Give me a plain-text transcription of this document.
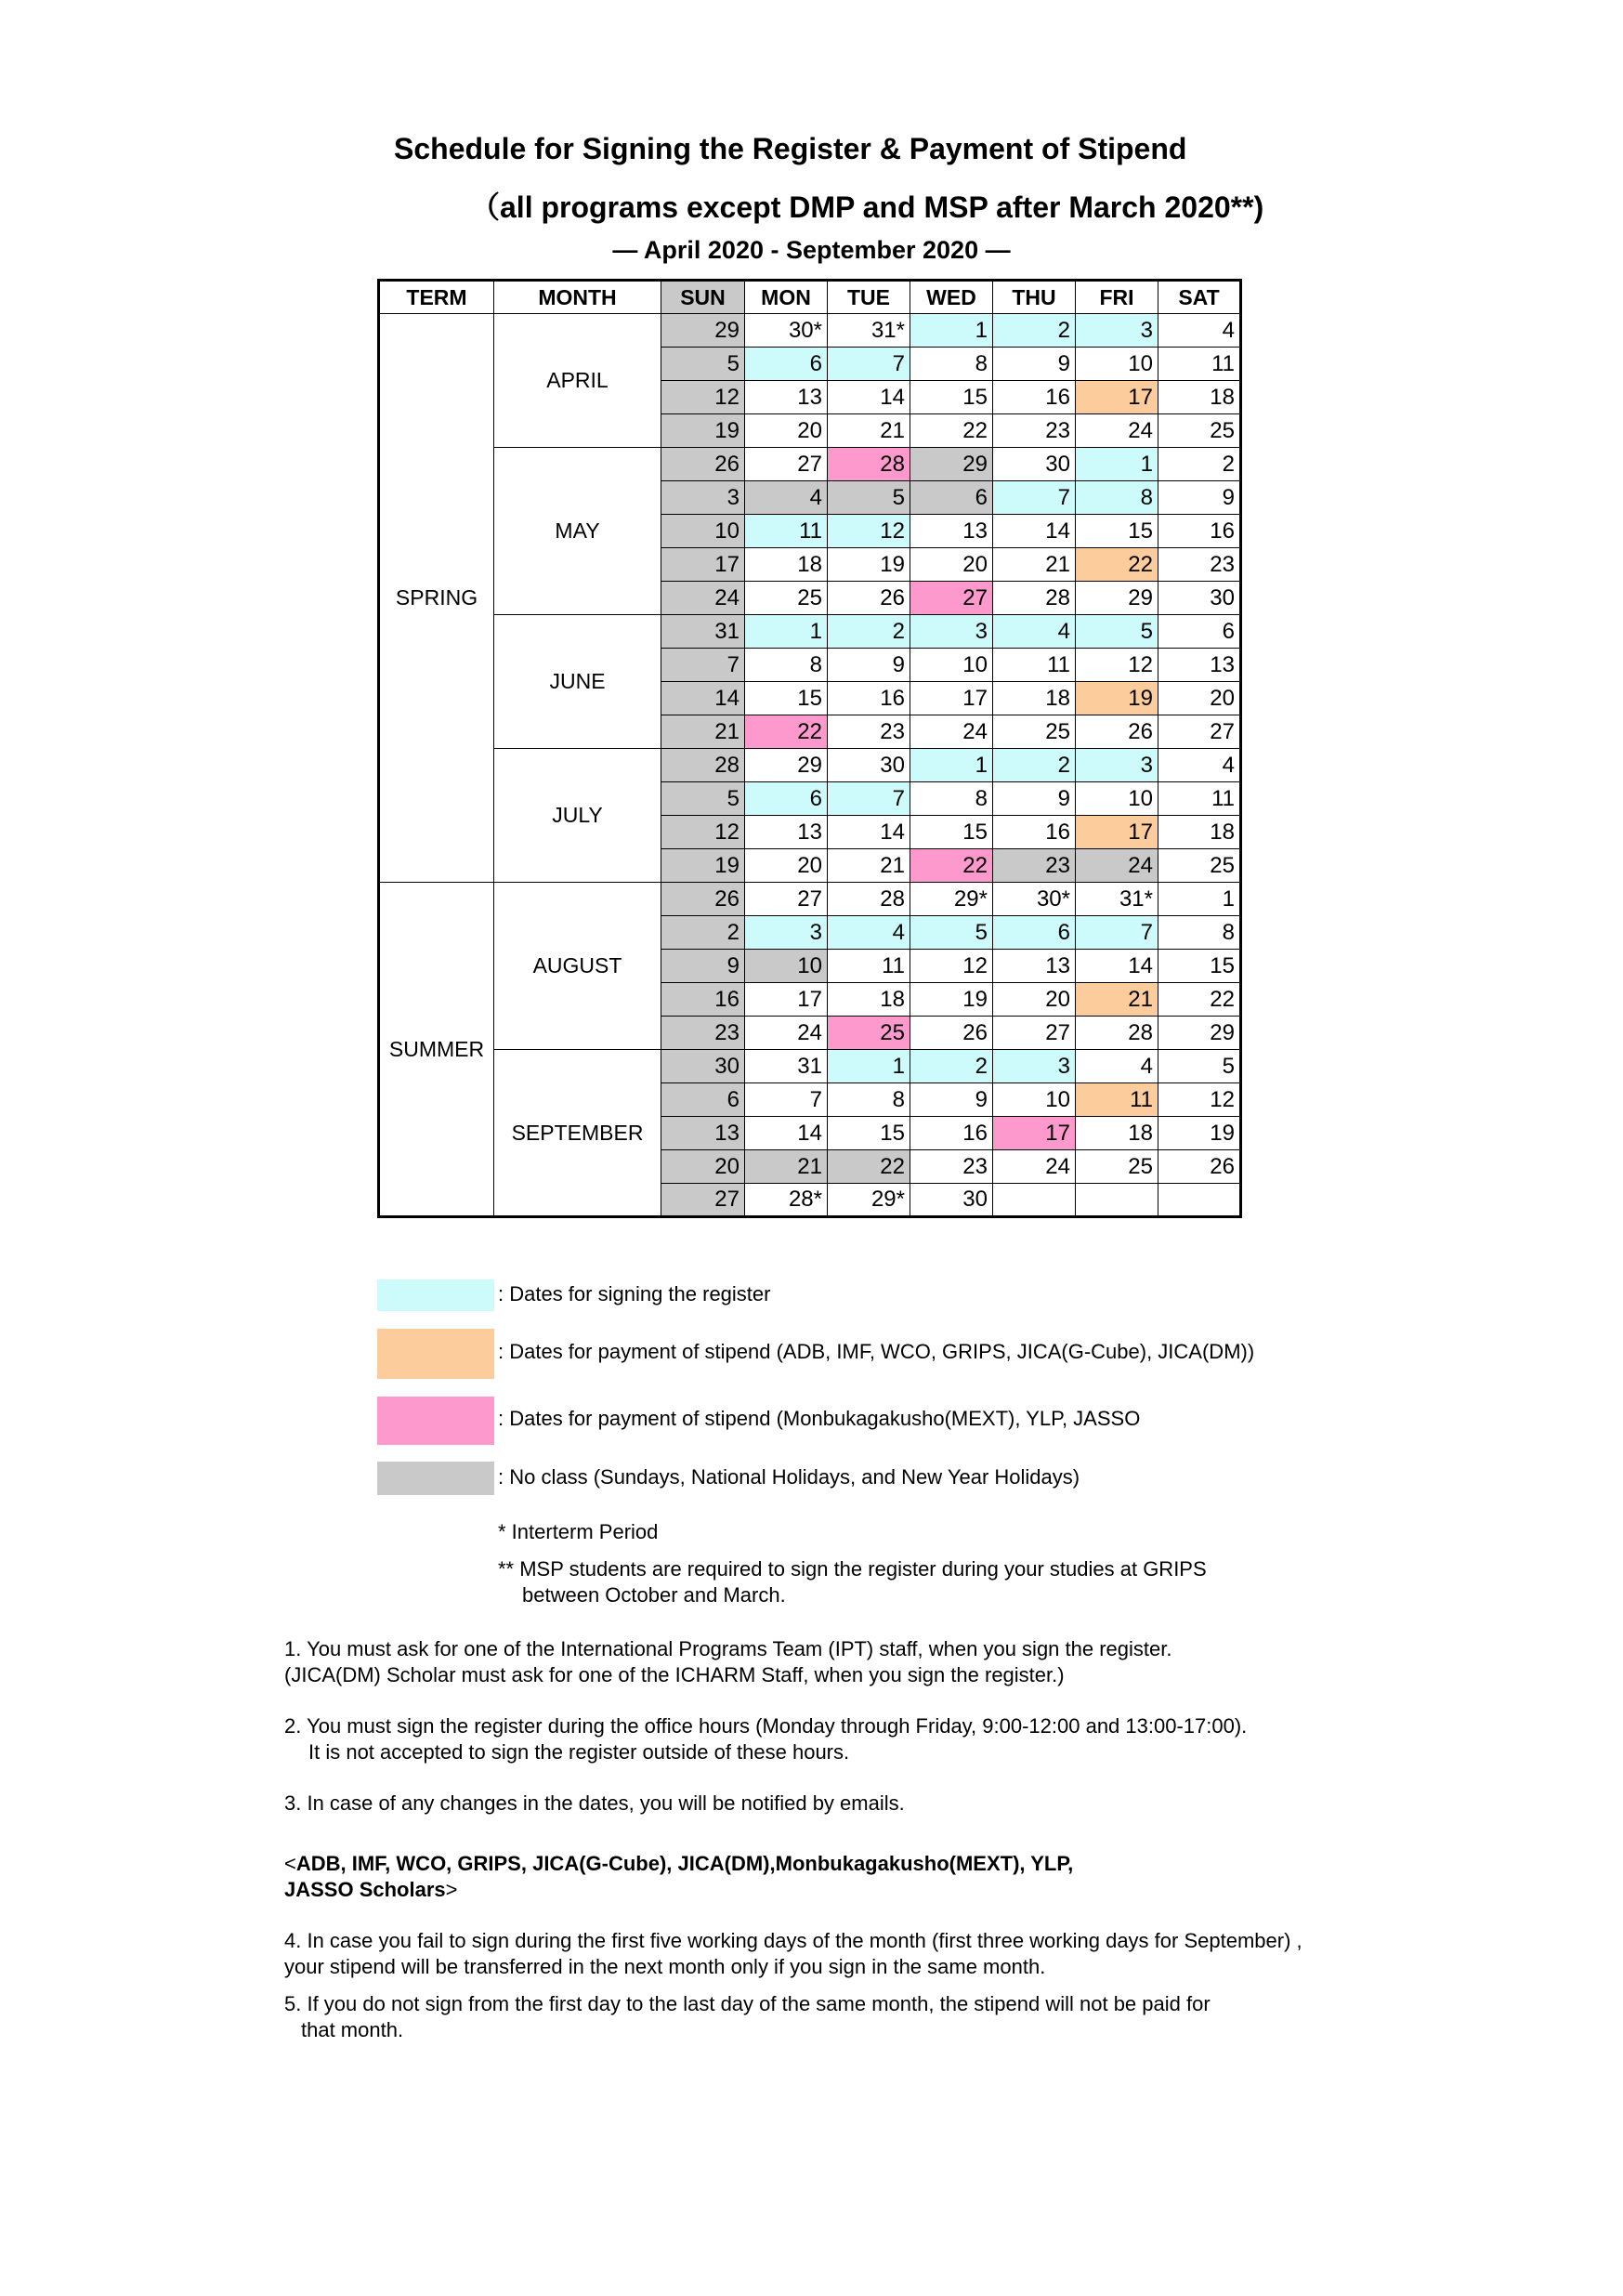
Schedule for Signing the Register & Payment of Stipend
（all programs except DMP and MSP after March 2020**)
— April 2020 - September 2020 —
TERM	MONTH	SUN	MON	TUE	WED	THU	FRI	SAT
SPRING	APRIL	29	30*	31*	1	2	3	4
		5	6	7	8	9	10	11
		12	13	14	15	16	17	18
		19	20	21	22	23	24	25
	MAY	26	27	28	29	30	1	2
		3	4	5	6	7	8	9
		10	11	12	13	14	15	16
		17	18	19	20	21	22	23
		24	25	26	27	28	29	30
	JUNE	31	1	2	3	4	5	6
		7	8	9	10	11	12	13
		14	15	16	17	18	19	20
		21	22	23	24	25	26	27
	JULY	28	29	30	1	2	3	4
		5	6	7	8	9	10	11
		12	13	14	15	16	17	18
		19	20	21	22	23	24	25
SUMMER	AUGUST	26	27	28	29*	30*	31*	1
		2	3	4	5	6	7	8
		9	10	11	12	13	14	15
		16	17	18	19	20	21	22
		23	24	25	26	27	28	29
	SEPTEMBER	30	31	1	2	3	4	5
		6	7	8	9	10	11	12
		13	14	15	16	17	18	19
		20	21	22	23	24	25	26
		27	28*	29*	30			
: Dates for signing the register
: Dates for payment of stipend (ADB, IMF, WCO, GRIPS, JICA(G-Cube), JICA(DM))
: Dates for payment of stipend (Monbukagakusho(MEXT), YLP, JASSO
: No class (Sundays, National Holidays, and New Year Holidays)
* Interterm Period
** MSP students are required to sign the register during your studies at GRIPS
between October and March.
1. You must ask for one of the International Programs Team (IPT) staff, when you sign the register.
(JICA(DM) Scholar must ask for one of the ICHARM Staff, when you sign the register.)
2. You must sign the register during the office hours (Monday through Friday, 9:00-12:00 and 13:00-17:00).
It is not accepted to sign the register outside of these hours.
3. In case of any changes in the dates, you will be notified by emails.
<ADB, IMF, WCO, GRIPS, JICA(G-Cube), JICA(DM),Monbukagakusho(MEXT), YLP,
JASSO Scholars>
4. In case you fail to sign during the first five working days of the month (first three working days for September) ,
your stipend will be transferred in the next month only if you sign in the same month.
5. If you do not sign from the first day to the last day of the same month, the stipend will not be paid for
that month.
